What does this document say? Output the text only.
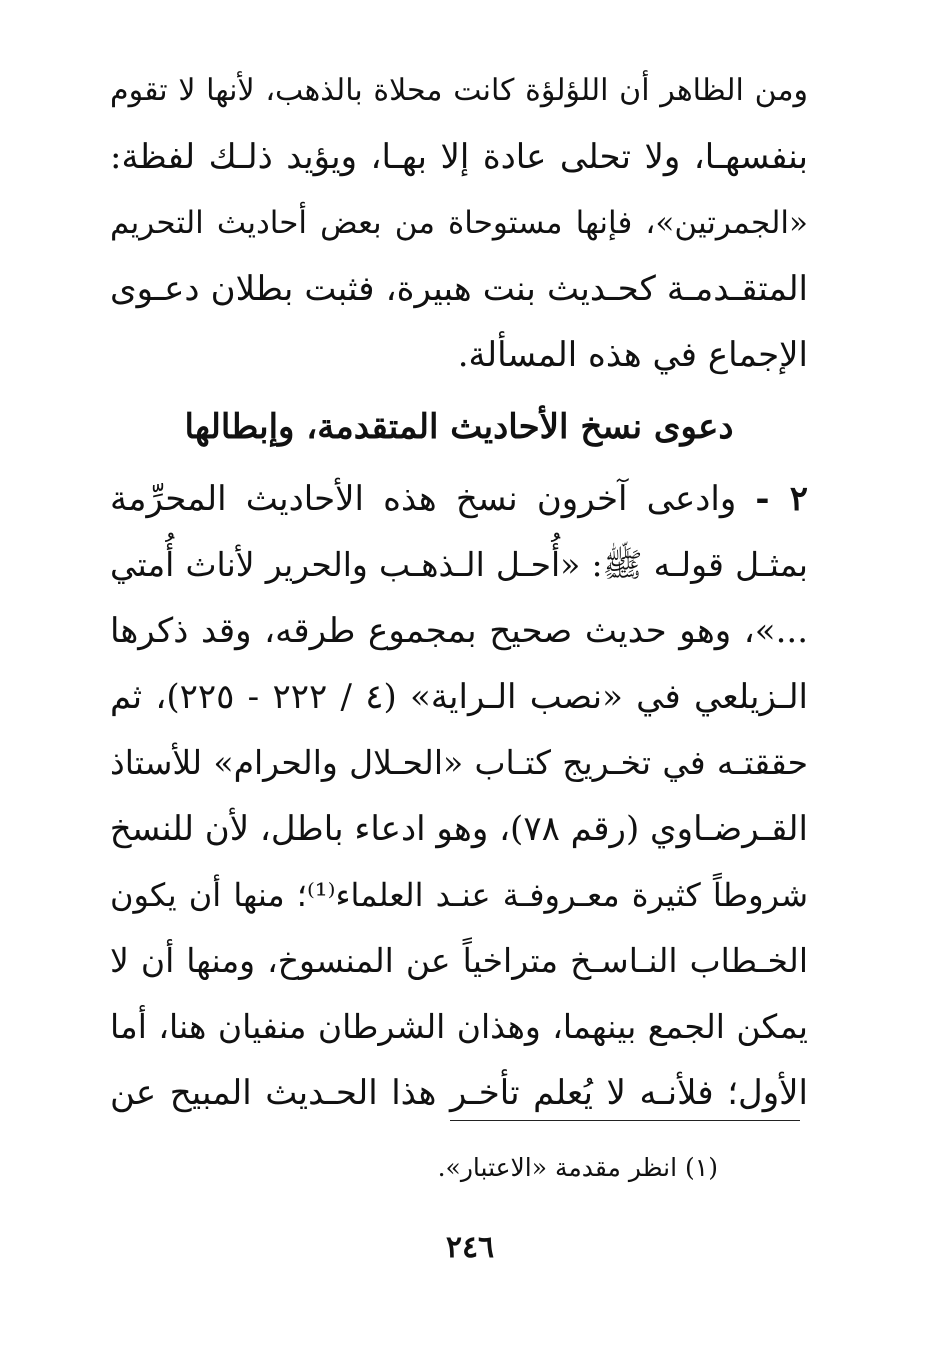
ومن الظاهر أن اللؤلؤة كانت محلاة بالذهب، لأنها لا تقوم
بنفسهـا، ولا تحلى عادة إلا بهـا، ويؤيد ذلـك لفظة:
«الجمرتين»، فإنها مستوحاة من بعض أحاديث التحريم
المتقـدمـة كحـديث بنت هبيرة، فثبت بطلان دعـوى
الإجماع في هذه المسألة.
دعوى نسخ الأحاديث المتقدمة، وإبطالها
٢ - وادعى آخرون نسخ هذه الأحاديث المحرِّمة
بمثـل قولـه ﷺ: «أُحـل الـذهـب والحرير لأناث أُمتي
...»، وهو حديث صحيح بمجموع طرقه، وقد ذكرها
الـزيلعي في «نصب الـراية» (٤ / ٢٢٢ - ٢٢٥)، ثم
حققتـه في تخـريج كتـاب «الحـلال والحرام» للأستاذ
القـرضـاوي (رقم ٧٨)، وهو ادعاء باطل، لأن للنسخ
شروطاً كثيرة معـروفـة عنـد العلماء⁽¹⁾؛ منها أن يكون
الخـطاب النـاسـخ متراخياً عن المنسوخ، ومنها أن لا
يمكن الجمع بينهما، وهذان الشرطان منفيان هنا، أما
الأول؛ فلأنـه لا يُعلم تأخـر هذا الحـديث المبيح عن
(١) انظر مقدمة «الاعتبار».
٢٤٦
